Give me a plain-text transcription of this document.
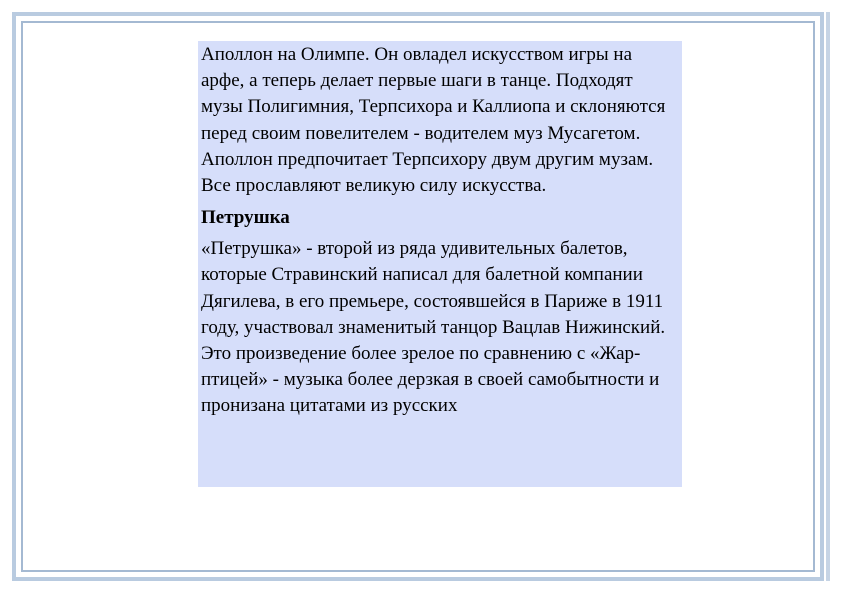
Аполлон на Олимпе. Он овладел искусством игры на арфе, а теперь делает первые шаги в танце. Подходят музы Полигимния, Терпсихора и Каллиопа и склоняются перед своим повелителем - водителем муз Мусагетом. Аполлон предпочитает Терпсихору двум другим музам. Все прославляют великую силу искусства.

Петрушка

«Петрушка» - второй из ряда удивительных балетов, которые Стравинский написал для балетной компании Дягилева, в его премьере, состоявшейся в Париже в 1911 году, участвовал знаменитый танцор Вацлав Нижинский. Это произведение более зрелое по сравнению с «Жар-птицей» - музыка более дерзкая в своей самобытности и пронизана цитатами из русских
